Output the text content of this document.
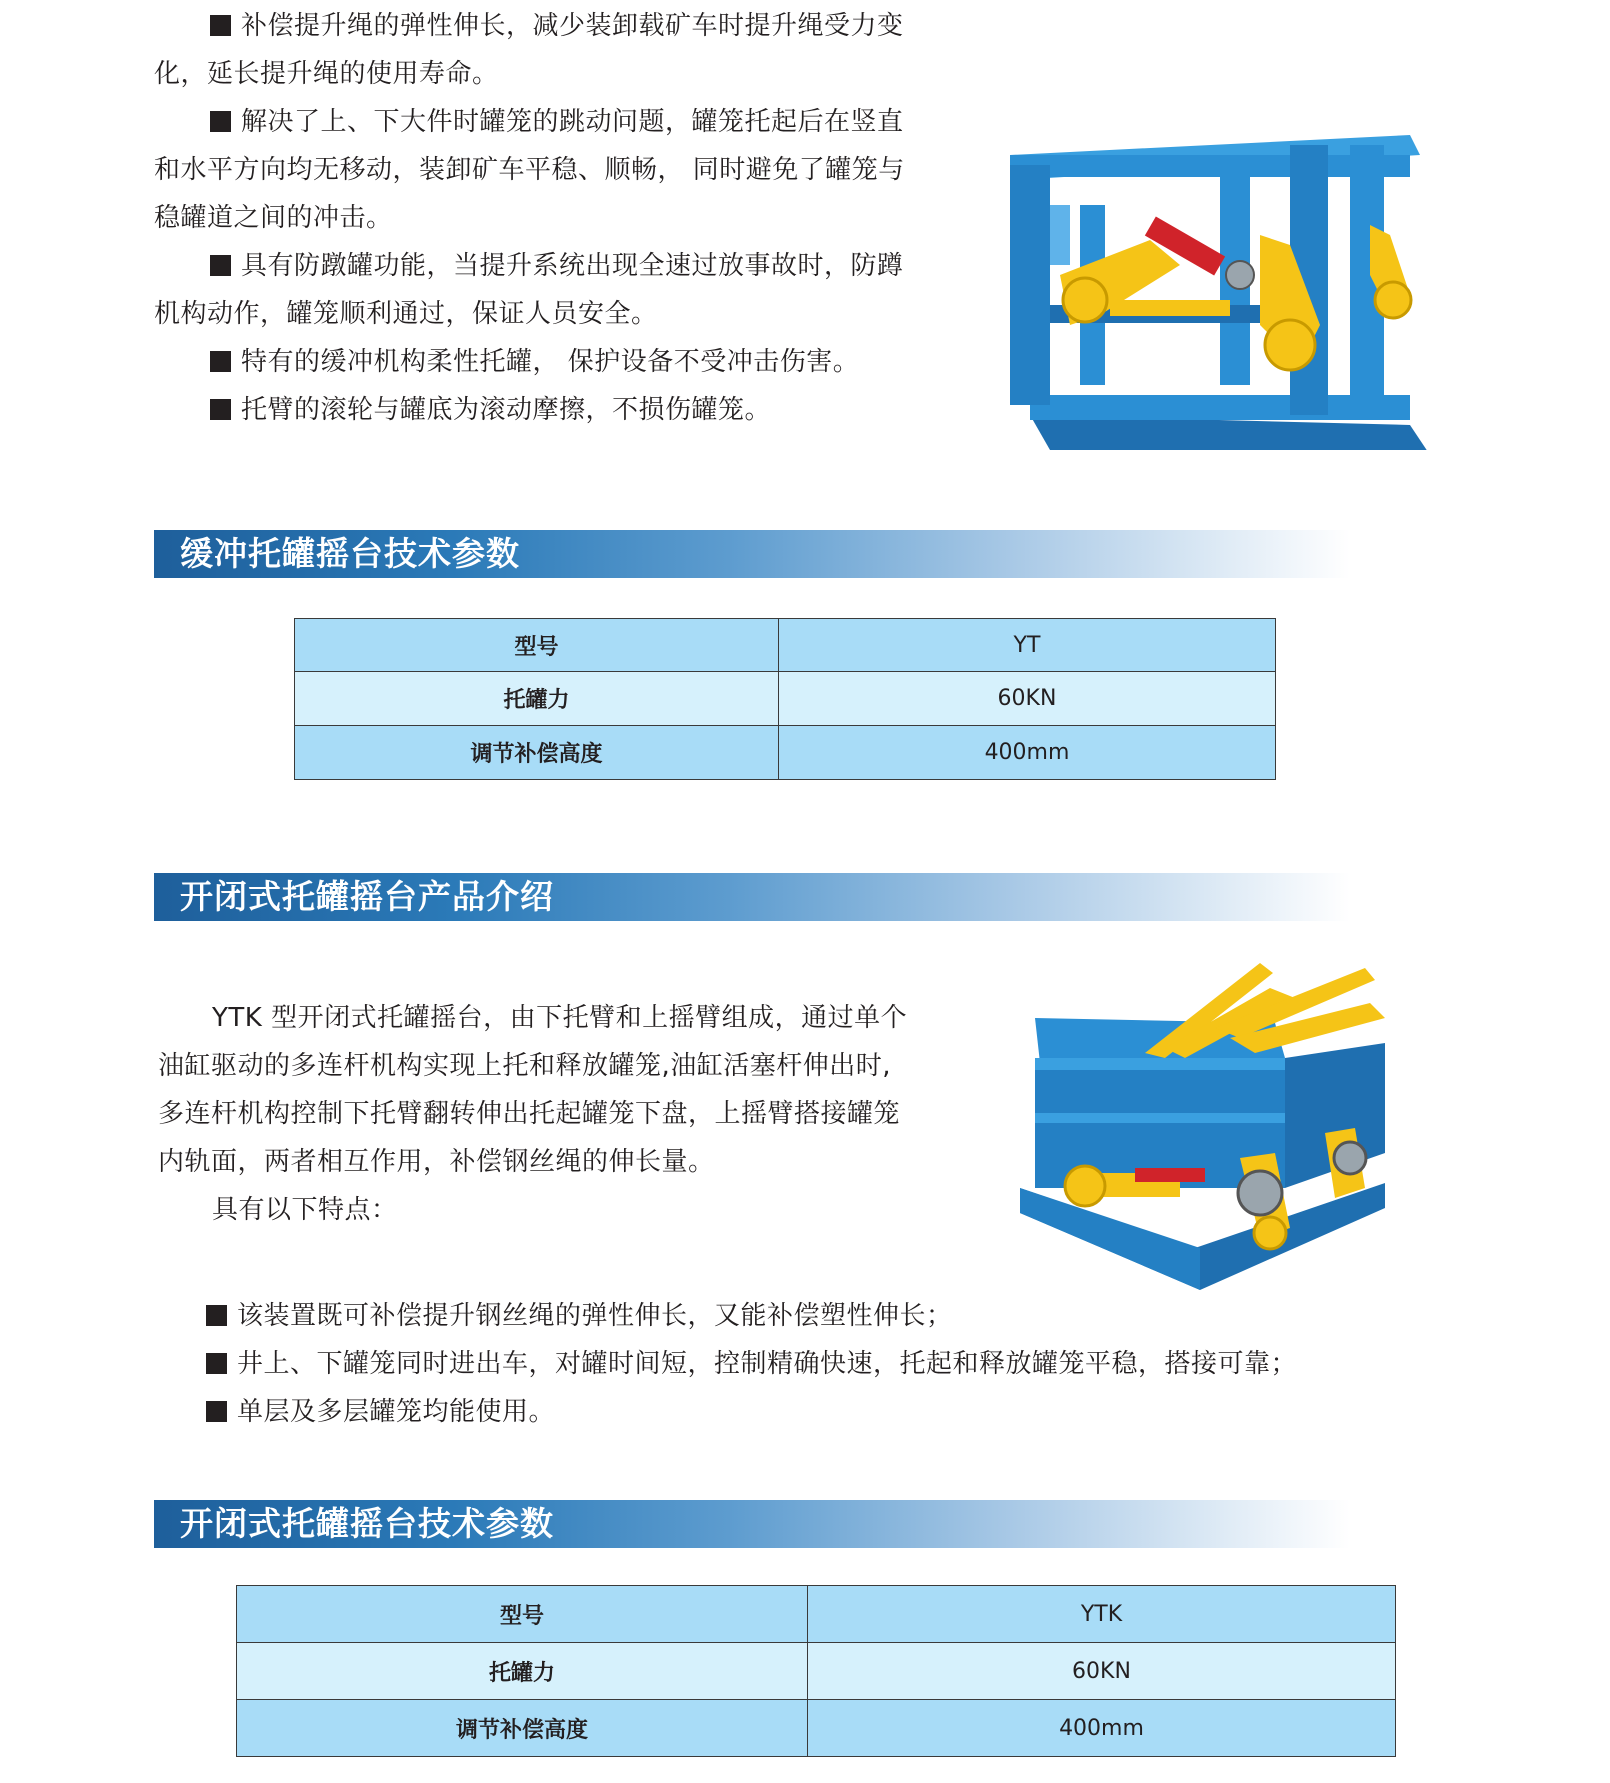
补偿提升绳的弹性伸长，减少装卸载矿车时提升绳受力变

化，延长提升绳的使用寿命。

解决了上、下大件时罐笼的跳动问题，罐笼托起后在竖直

和水平方向均无移动，装卸矿车平稳、顺畅， 同时避免了罐笼与

稳罐道之间的冲击。

具有防蹾罐功能，当提升系统出现全速过放事故时，防蹲

机构动作，罐笼顺利通过，保证人员安全。

特有的缓冲机构柔性托罐， 保护设备不受冲击伤害。

托臂的滚轮与罐底为滚动摩擦，不损伤罐笼。

缓冲托罐摇台技术参数
型号	YT
托罐力	60KN
调节补偿高度	400mm
开闭式托罐摇台产品介绍

YTK 型开闭式托罐摇台，由下托臂和上摇臂组成，通过单个

油缸驱动的多连杆机构实现上托和释放罐笼,油缸活塞杆伸出时,

多连杆机构控制下托臂翻转伸出托起罐笼下盘，上摇臂搭接罐笼

内轨面，两者相互作用，补偿钢丝绳的伸长量。

具有以下特点：

该装置既可补偿提升钢丝绳的弹性伸长，又能补偿塑性伸长；

井上、下罐笼同时进出车，对罐时间短，控制精确快速，托起和释放罐笼平稳，搭接可靠；

单层及多层罐笼均能使用。

开闭式托罐摇台技术参数
型号	YTK
托罐力	60KN
调节补偿高度	400mm
